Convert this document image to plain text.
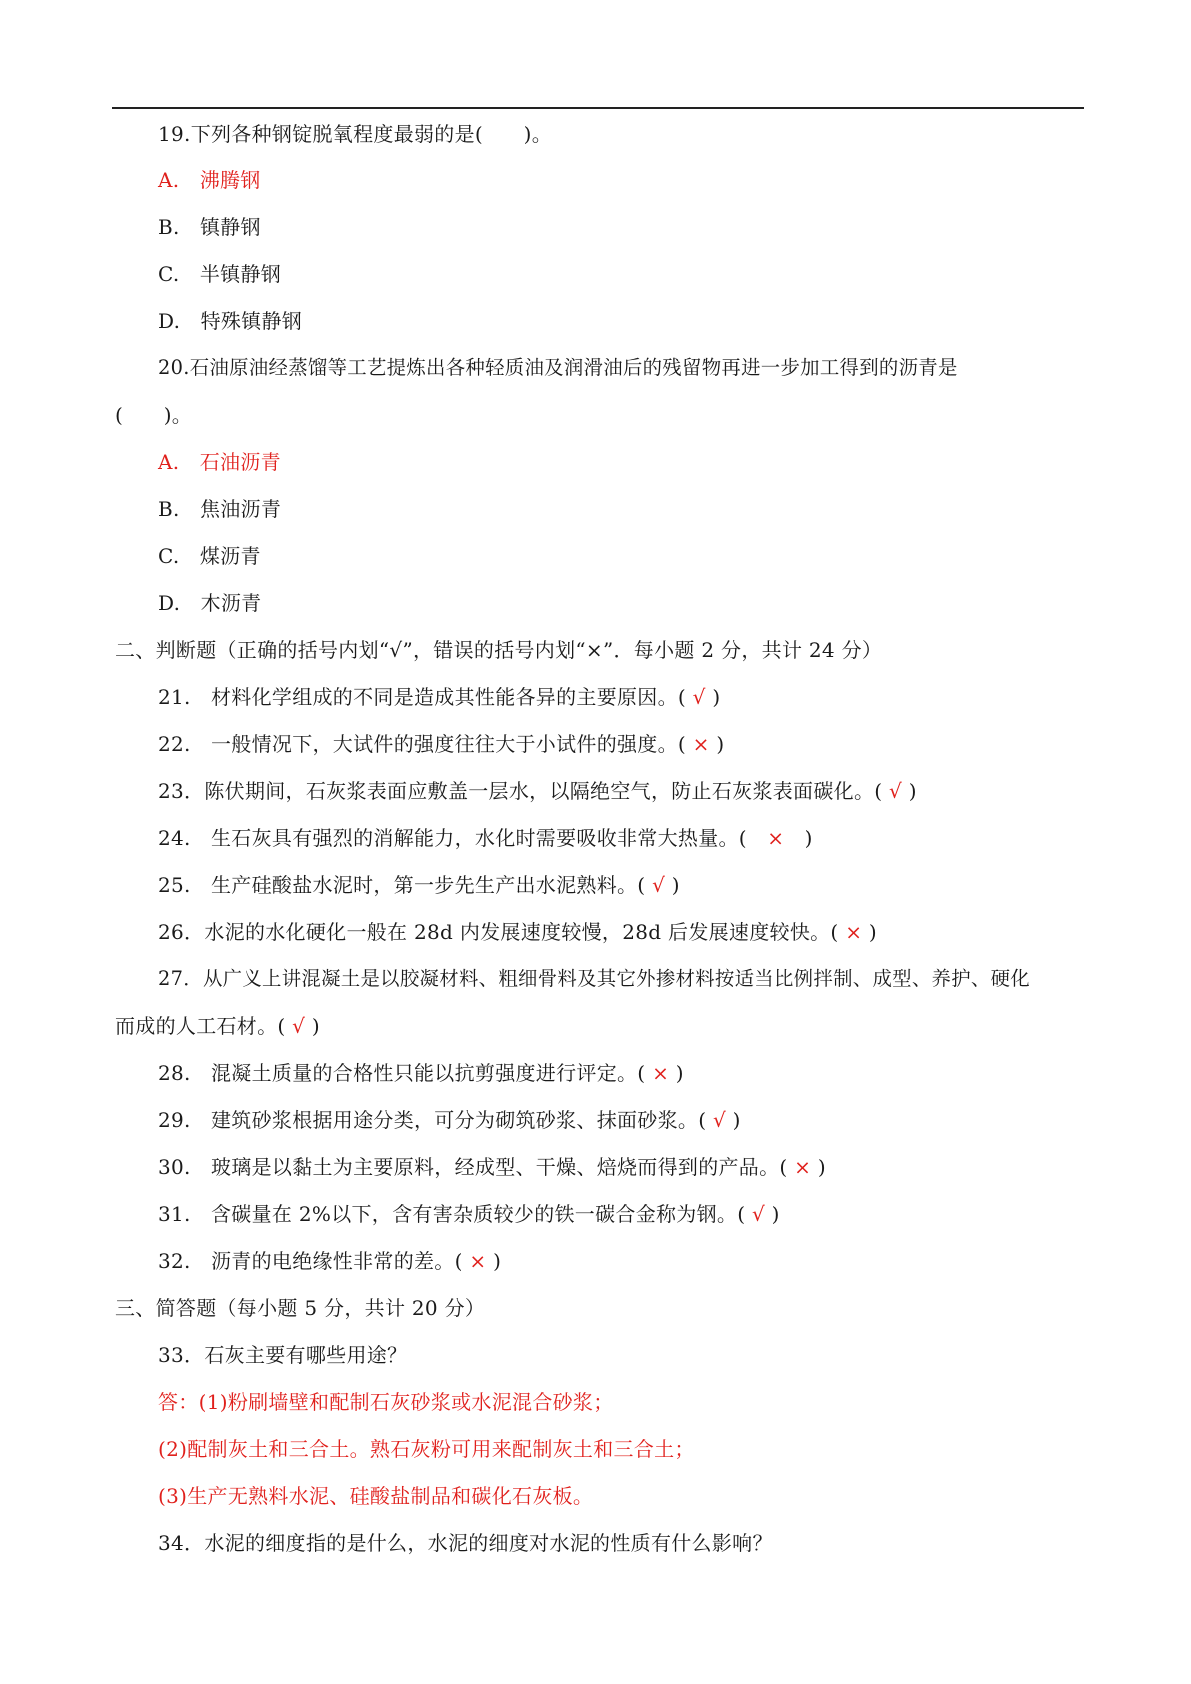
19.下列各种钢锭脱氧程度最弱的是(　　)。
A.　沸腾钢
B.　镇静钢
C.　半镇静钢
D.　特殊镇静钢
20.石油原油经蒸馏等工艺提炼出各种轻质油及润滑油后的残留物再进一步加工得到的沥青是
(　　)。
A.　石油沥青
B.　焦油沥青
C.　煤沥青
D.　木沥青
二、判断题（正确的括号内划“√”，错误的括号内划“×”．每小题 2 分，共计 24 分）
21.　材料化学组成的不同是造成其性能各异的主要原因。( √ )
22.　一般情况下，大试件的强度往往大于小试件的强度。( × )
23．陈伏期间，石灰浆表面应敷盖一层水，以隔绝空气，防止石灰浆表面碳化。( √ )
24.　生石灰具有强烈的消解能力，水化时需要吸收非常大热量。(　×　)
25.　生产硅酸盐水泥时，第一步先生产出水泥熟料。( √ )
26．水泥的水化硬化一般在 28d 内发展速度较慢，28d 后发展速度较快。( × )
27．从广义上讲混凝土是以胶凝材料、粗细骨料及其它外掺材料按适当比例拌制、成型、养护、硬化
而成的人工石材。( √ )
28.　混凝土质量的合格性只能以抗剪强度进行评定。( × )
29.　建筑砂浆根据用途分类，可分为砌筑砂浆、抹面砂浆。( √ )
30.　玻璃是以黏土为主要原料，经成型、干燥、焙烧而得到的产品。( × )
31.　含碳量在 2%以下，含有害杂质较少的铁一碳合金称为钢。( √ )
32.　沥青的电绝缘性非常的差。( × )
三、简答题（每小题 5 分，共计 20 分）
33．石灰主要有哪些用途？
答：(1)粉刷墙壁和配制石灰砂浆或水泥混合砂浆；
(2)配制灰土和三合土。熟石灰粉可用来配制灰土和三合土；
(3)生产无熟料水泥、硅酸盐制品和碳化石灰板。
34．水泥的细度指的是什么，水泥的细度对水泥的性质有什么影响？
